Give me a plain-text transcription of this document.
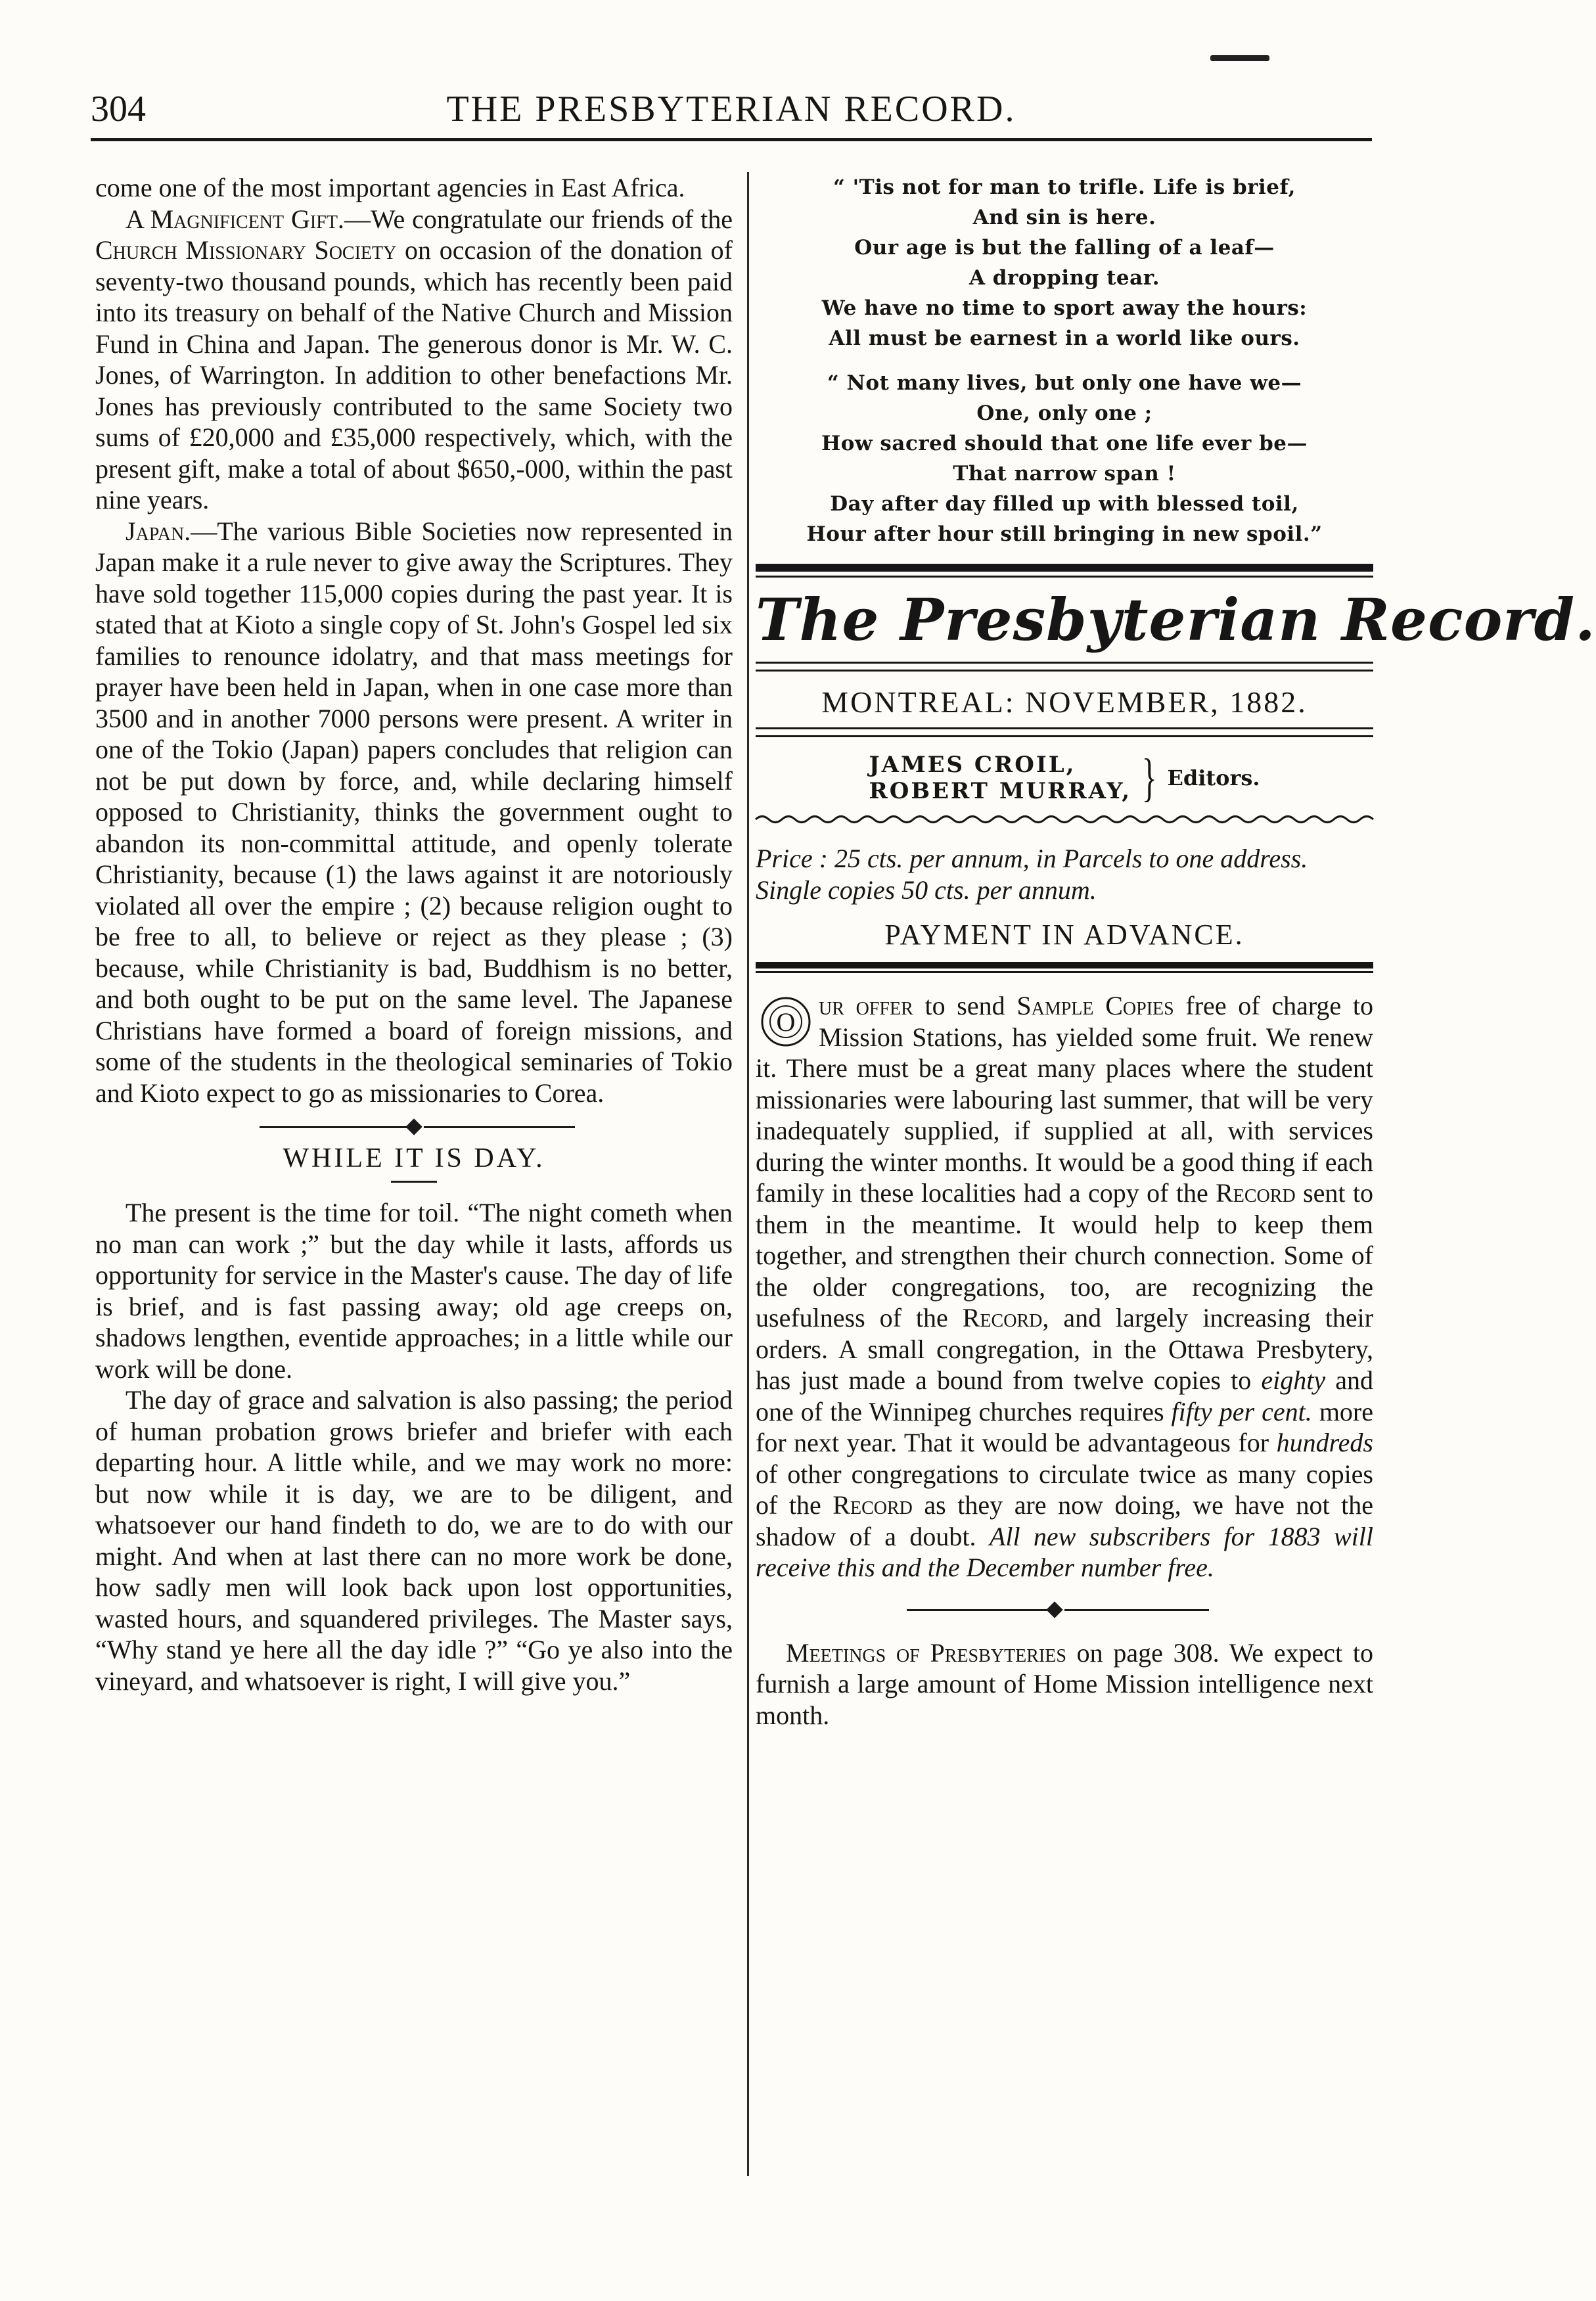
304	THE PRESBYTERIAN RECORD.

come one of the most important agencies in East Africa.

A Magnificent Gift.—We congratulate our friends of the Church Missionary Society on occasion of the donation of seventy-two thousand pounds, which has recently been paid into its treasury on behalf of the Native Church and Mission Fund in China and Japan. The generous donor is Mr. W. C. Jones, of Warrington. In addition to other benefactions Mr. Jones has previously contributed to the same Society two sums of £20,000 and £35,000 respectively, which, with the present gift, make a total of about $650,-000, within the past nine years.

Japan.—The various Bible Societies now represented in Japan make it a rule never to give away the Scriptures. They have sold together 115,000 copies during the past year. It is stated that at Kioto a single copy of St. John's Gospel led six families to renounce idolatry, and that mass meetings for prayer have been held in Japan, when in one case more than 3500 and in another 7000 persons were present. A writer in one of the Tokio (Japan) papers concludes that religion can not be put down by force, and, while declaring himself opposed to Christianity, thinks the government ought to abandon its non-committal attitude, and openly tolerate Christianity, because (1) the laws against it are notoriously violated all over the empire ; (2) because religion ought to be free to all, to believe or reject as they please ; (3) because, while Christianity is bad, Buddhism is no better, and both ought to be put on the same level. The Japanese Christians have formed a board of foreign missions, and some of the students in the theological seminaries of Tokio and Kioto expect to go as missionaries to Corea.

WHILE IT IS DAY.

The present is the time for toil. “The night cometh when no man can work ;” but the day while it lasts, affords us opportunity for service in the Master's cause. The day of life is brief, and is fast passing away; old age creeps on, shadows lengthen, eventide approaches; in a little while our work will be done.

The day of grace and salvation is also passing; the period of human probation grows briefer and briefer with each departing hour. A little while, and we may work no more: but now while it is day, we are to be diligent, and whatsoever our hand findeth to do, we are to do with our might. And when at last there can no more work be done, how sadly men will look back upon lost opportunities, wasted hours, and squandered privileges. The Master says, “Why stand ye here all the day idle ?” “Go ye also into the vineyard, and whatsoever is right, I will give you.”

“ 'Tis not for man to trifle. Life is brief,
And sin is here.
Our age is but the falling of a leaf—
A dropping tear.
We have no time to sport away the hours:
All must be earnest in a world like ours.
“ Not many lives, but only one have we—
One, only one ;
How sacred should that one life ever be—
That narrow span !
Day after day filled up with blessed toil,
Hour after hour still bringing in new spoil.”
The Presbyterian Record.
MONTREAL: NOVEMBER, 1882.
JAMES CROIL,
ROBERT MURRAY, } Editors.

Price : 25 cts. per annum, in Parcels to one address. Single copies 50 cts. per annum.

PAYMENT IN ADVANCE.

O
ur offer to send Sample Copies free of charge to Mission Stations, has yielded some fruit. We renew it. There must be a great many places where the student missionaries were labouring last summer, that will be very inadequately supplied, if supplied at all, with services during the winter months. It would be a good thing if each family in these localities had a copy of the Record sent to them in the meantime. It would help to keep them together, and strengthen their church connection. Some of the older congregations, too, are recognizing the usefulness of the Record, and largely increasing their orders. A small congregation, in the Ottawa Presbytery, has just made a bound from twelve copies to eighty and one of the Winnipeg churches requires fifty per cent. more for next year. That it would be advantageous for hundreds of other congregations to circulate twice as many copies of the Record as they are now doing, we have not the shadow of a doubt. All new subscribers for 1883 will receive this and the December number free.

Meetings of Presbyteries on page 308. We expect to furnish a large amount of Home Mission intelligence next month.
